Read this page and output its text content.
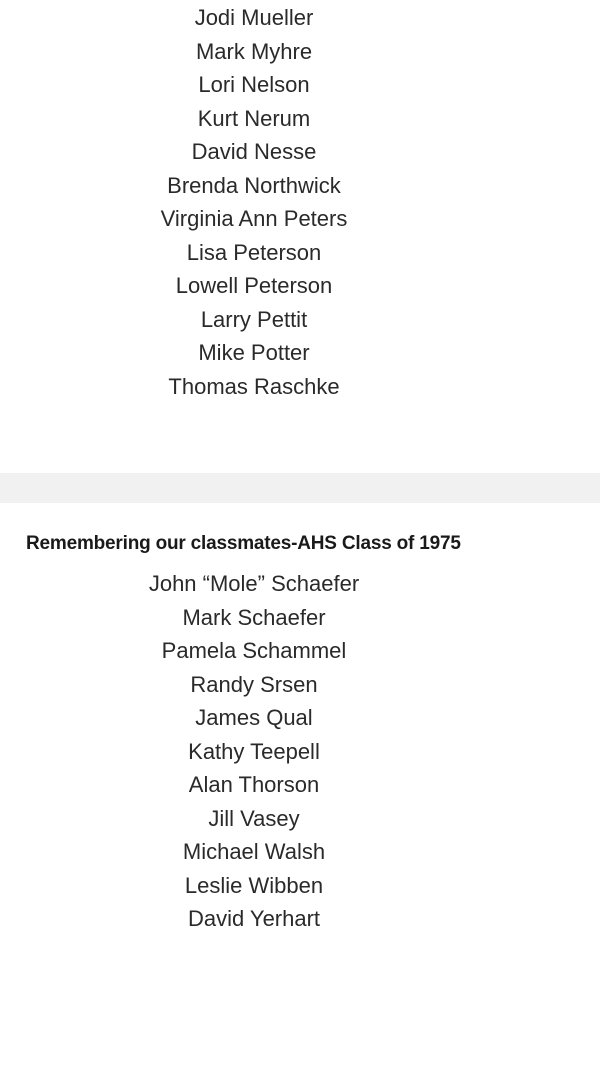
Jodi Mueller
Mark Myhre
Lori Nelson
Kurt Nerum
David Nesse
Brenda Northwick
Virginia Ann Peters
Lisa Peterson
Lowell Peterson
Larry Pettit
Mike Potter
Thomas Raschke
Remembering our classmates-AHS Class of 1975
John “Mole” Schaefer
Mark Schaefer
Pamela Schammel
Randy Srsen
James Qual
Kathy Teepell
Alan Thorson
Jill Vasey
Michael Walsh
Leslie Wibben
David Yerhart
